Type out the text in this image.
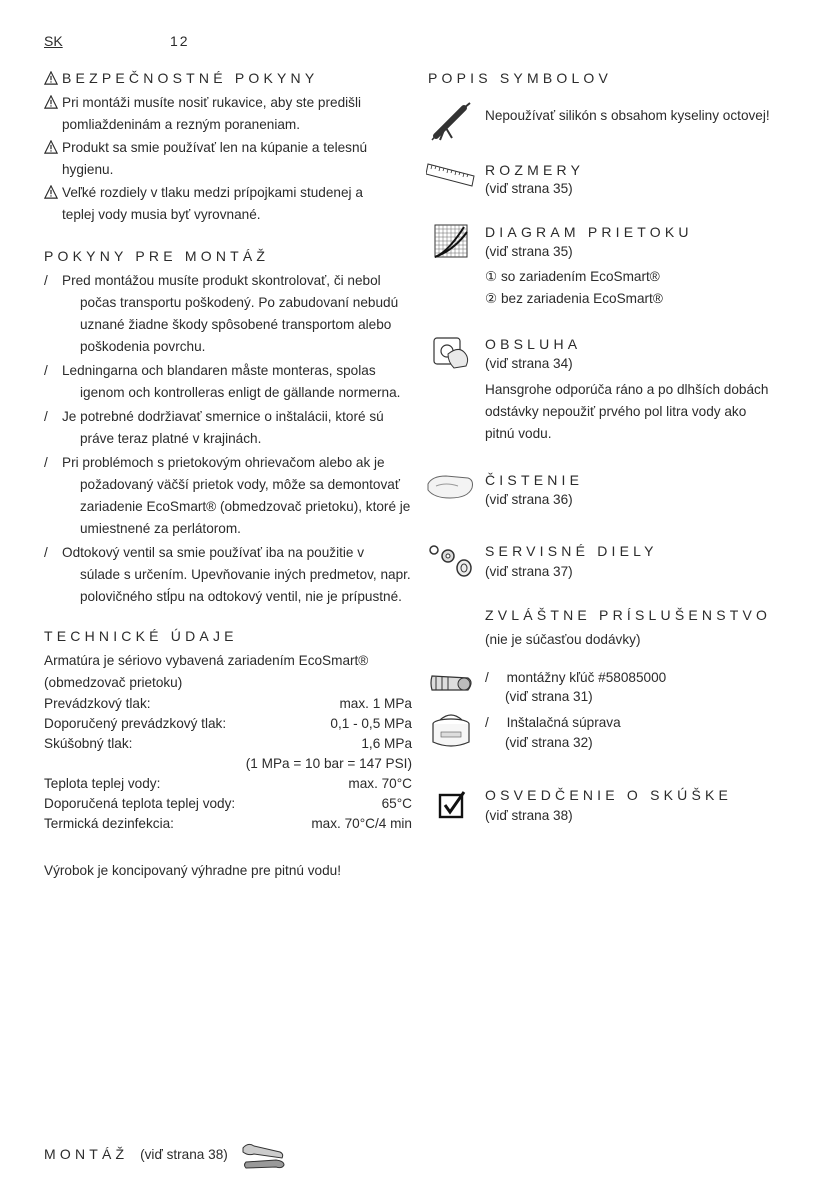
SK	12
BEZPEČNOSTNÉ POKYNY
Pri montáži musíte nosiť rukavice, aby ste predišli
pomliaždeninám a rezným poraneniam.
Produkt sa smie používať len na kúpanie a telesnú
hygienu.
Veľké rozdiely v tlaku medzi prípojkami studenej a
teplej vody musia byť vyrovnané.
POKYNY PRE MONTÁŽ
/ Pred montážou musíte produkt skontrolovať, či nebol
počas transportu poškodený. Po zabudovaní nebudú
uznané žiadne škody spôsobené transportom alebo
poškodenia povrchu.
/ Ledningarna och blandaren måste monteras, spolas
igenom och kontrolleras enligt de gällande normerna.
/ Je potrebné dodržiavať smernice o inštalácii, ktoré sú
práve teraz platné v krajinách.
/ Pri problémoch s prietokovým ohrievačom alebo ak je
požadovaný väčší prietok vody, môže sa demontovať
zariadenie EcoSmart® (obmedzovač prietoku), ktoré je
umiestnené za perlátorom.
/ Odtokový ventil sa smie používať iba na použitie v
súlade s určením. Upevňovanie iných predmetov, napr.
polovičného stĺpu na odtokový ventil, nie je prípustné.
TECHNICKÉ ÚDAJE
Armatúra je sériovo vybavená zariadením EcoSmart®
(obmedzovač prietoku)
Prevádzkový tlak:	max. 1 MPa
Doporučený prevádzkový tlak:	0,1 - 0,5 MPa
Skúšobný tlak:	1,6 MPa
(1 MPa = 10 bar = 147 PSI)
Teplota teplej vody:	max. 70°C
Doporučená teplota teplej vody:	65°C
Termická dezinfekcia:	max. 70°C/4 min
Výrobok je koncipovaný výhradne pre pitnú vodu!
POPIS SYMBOLOV
Nepoužívať silikón s obsahom kyseliny octovej!
ROZMERY
(viď strana 35)
DIAGRAM PRIETOKU
(viď strana 35)
① so zariadením EcoSmart®
② bez zariadenia EcoSmart®
OBSLUHA
(viď strana 34)
Hansgrohe odporúča ráno a po dlhších dobách
odstávky nepoužiť prvého pol litra vody ako
pitnú vodu.
ČISTENIE
(viď strana 36)
SERVISNÉ DIELY
(viď strana 37)
ZVLÁŠTNE PRÍSLUŠENSTVO
(nie je súčasťou dodávky)
/ montážny kľúč #58085000
(viď strana 31)
/ Inštalačná súprava
(viď strana 32)
OSVEDČENIE O SKÚŠKE
(viď strana 38)
MONTÁŽ (viď strana 38)
